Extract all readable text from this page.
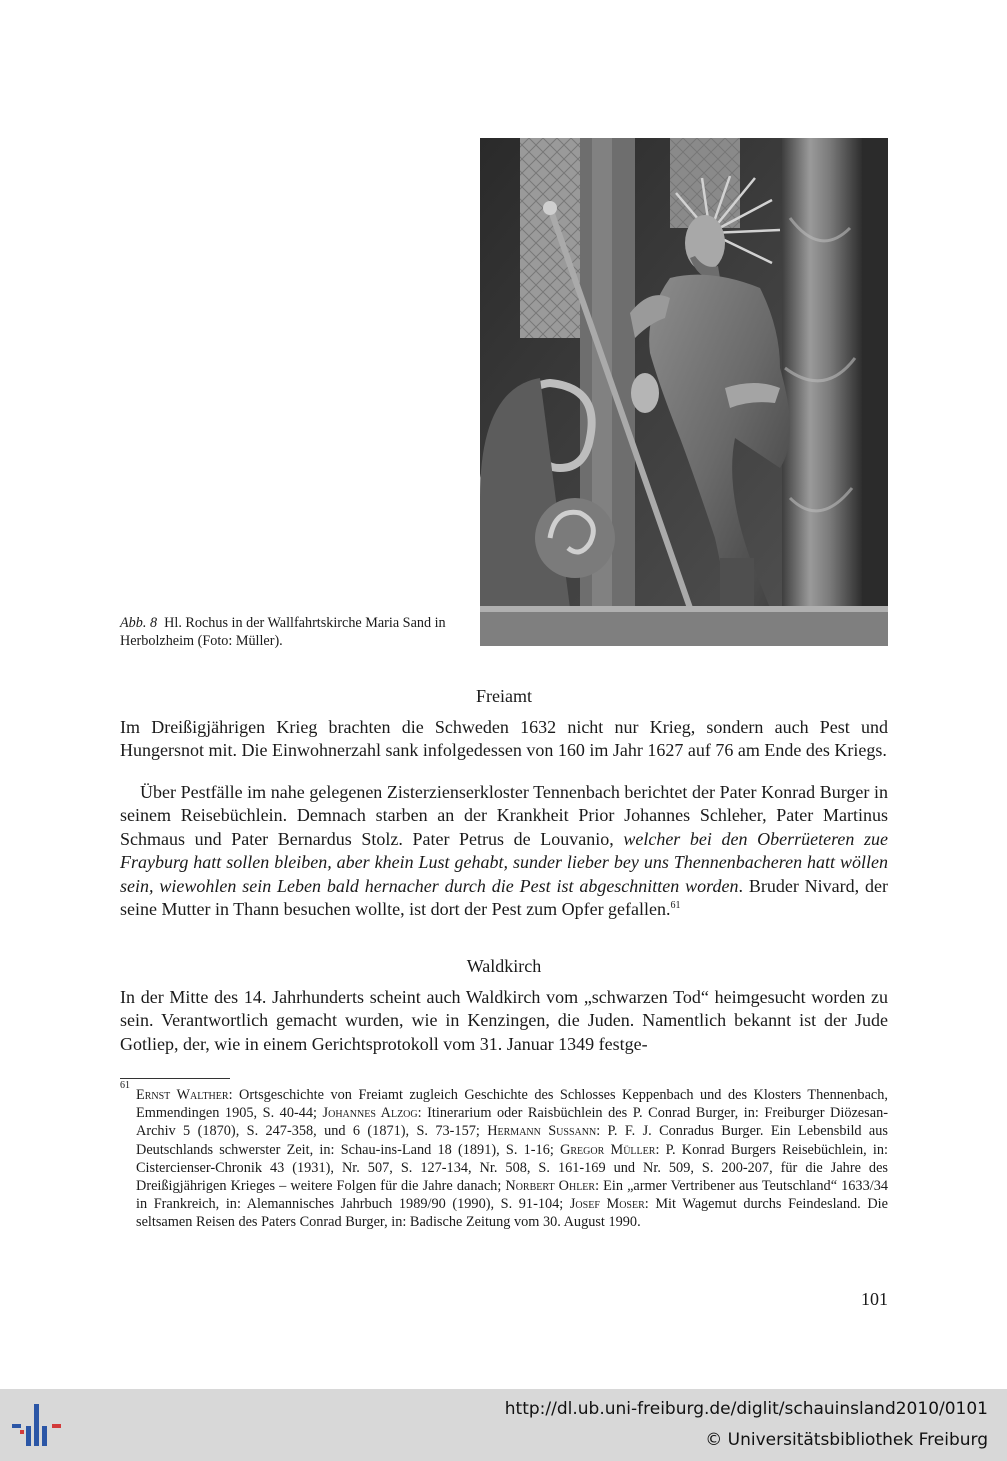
Abb. 8 Hl. Rochus in der Wallfahrtskirche Maria Sand in Herbolzheim (Foto: Müller).
Freiamt

Im Dreißigjährigen Krieg brachten die Schweden 1632 nicht nur Krieg, sondern auch Pest und Hungersnot mit. Die Einwohnerzahl sank infolgedessen von 160 im Jahr 1627 auf 76 am Ende des Kriegs.

Über Pestfälle im nahe gelegenen Zisterzienserkloster Tennenbach berichtet der Pater Konrad Burger in seinem Reisebüchlein. Demnach starben an der Krankheit Prior Johannes Schleher, Pater Martinus Schmaus und Pater Bernardus Stolz. Pater Petrus de Louvanio, welcher bei den Oberrüeteren zue Frayburg hatt sollen bleiben, aber khein Lust gehabt, sunder lieber bey uns Thennenbacheren hatt wöllen sein, wiewohlen sein Leben bald hernacher durch die Pest ist abgeschnitten worden. Bruder Nivard, der seine Mutter in Thann besuchen wollte, ist dort der Pest zum Opfer gefallen.$^{61}$

Waldkirch

In der Mitte des 14. Jahrhunderts scheint auch Waldkirch vom „schwarzen Tod“ heimgesucht worden zu sein. Verantwortlich gemacht wurden, wie in Kenzingen, die Juden. Namentlich bekannt ist der Jude Gotliep, der, wie in einem Gerichtsprotokoll vom 31. Januar 1349 festge-

61
Ernst Walther: Ortsgeschichte von Freiamt zugleich Geschichte des Schlosses Keppenbach und des Klosters Thennenbach, Emmendingen 1905, S. 40-44; Johannes Alzog: Itinerarium oder Raisbüchlein des P. Conrad Burger, in: Freiburger Diözesan-Archiv 5 (1870), S. 247-358, und 6 (1871), S. 73-157; Hermann Sussann: P. F. J. Conradus Burger. Ein Lebensbild aus Deutschlands schwerster Zeit, in: Schau-ins-Land 18 (1891), S. 1-16; Gregor Müller: P. Konrad Burgers Reisebüchlein, in: Cistercienser-Chronik 43 (1931), Nr. 507, S. 127-134, Nr. 508, S. 161-169 und Nr. 509, S. 200-207, für die Jahre des Dreißigjährigen Krieges – weitere Folgen für die Jahre danach; Norbert Ohler: Ein „armer Vertribener aus Teutschland“ 1633/34 in Frankreich, in: Alemannisches Jahrbuch 1989/90 (1990), S. 91-104; Josef Moser: Mit Wagemut durchs Feindesland. Die seltsamen Reisen des Paters Conrad Burger, in: Badische Zeitung vom 30. August 1990.
101
http://dl.ub.uni-freiburg.de/diglit/schauinsland2010/0101
© Universitätsbibliothek Freiburg
